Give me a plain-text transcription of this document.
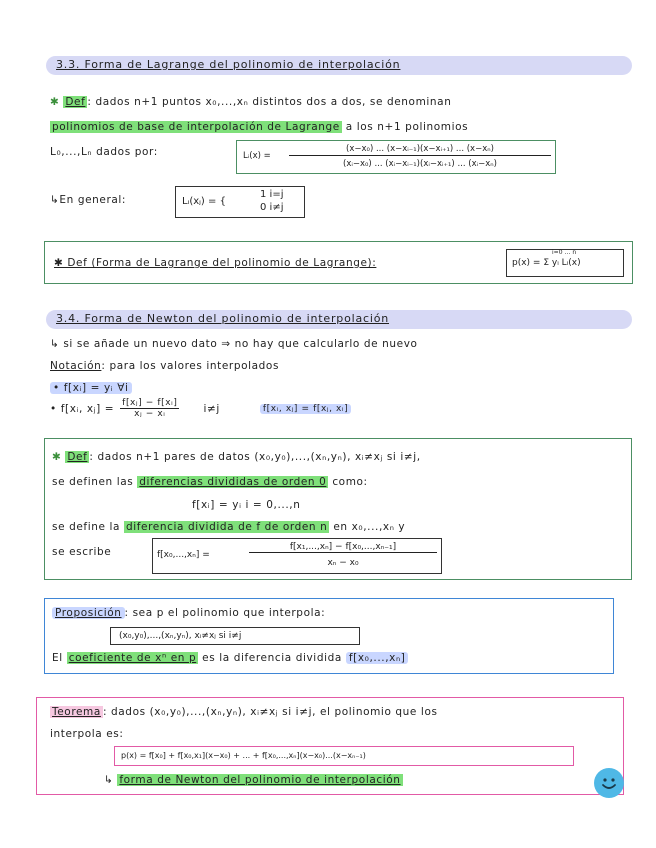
3.3. Forma de Lagrange del polinomio de interpolación
✱ Def : dados n+1 puntos x₀,...,xₙ distintos dos a dos, se denominan
polinomios de base de interpolación de Lagrange a los n+1 polinomios
L₀,...,Lₙ dados por:	Lᵢ(x) =
(x−x₀) ... (x−xᵢ₋₁)(x−xᵢ₊₁) ... (x−xₙ)
(xᵢ−x₀) ... (xᵢ−xᵢ₋₁)(xᵢ−xᵢ₊₁) ... (xᵢ−xₙ)
↳En general:	Lᵢ(xⱼ) = {
1 i=j
0 i≠j
✱ Def (Forma de Lagrange del polinomio de Lagrange):	p(x) = Σ yᵢ Lᵢ(x)
i=0 … n
3.4. Forma de Newton del polinomio de interpolación
↳ si se añade un nuevo dato ⇒ no hay que calcularlo de nuevo
Notación: para los valores interpolados
• f[xᵢ] = yᵢ ∀i
• f[xᵢ, xⱼ] = $\frac{\text{f[xⱼ] − f[xᵢ]}}{\text{xⱼ − xᵢ}} i\ne j$	f[xᵢ, xⱼ] = f[xⱼ, xᵢ]
✱ Def : dados n+1 pares de datos (x₀,y₀),...,(xₙ,yₙ), xᵢ≠xⱼ si i≠j,
se definen las diferencias divididas de orden 0 como:
f[xᵢ] = yᵢ i = 0,...,n
se define la diferencia dividida de f de orden n en x₀,...,xₙ y
se escribe	f[x₀,...,xₙ] =
f[x₁,...,xₙ] − f[x₀,...,xₙ₋₁]
xₙ − x₀
Proposición : sea p el polinomio que interpola:
(x₀,y₀),...,(xₙ,yₙ), xᵢ≠xⱼ si i≠j
El coeficiente de xⁿ en p es la diferencia dividida f[x₀,...,xₙ]
Teorema : dados (x₀,y₀),...,(xₙ,yₙ), xᵢ≠xⱼ si i≠j, el polinomio que los
interpola es:
p(x) = f[x₀] + f[x₀,x₁](x−x₀) + ... + f[x₀,...,xₙ](x−x₀)...(x−xₙ₋₁)
↳ forma de Newton del polinomio de interpolación
